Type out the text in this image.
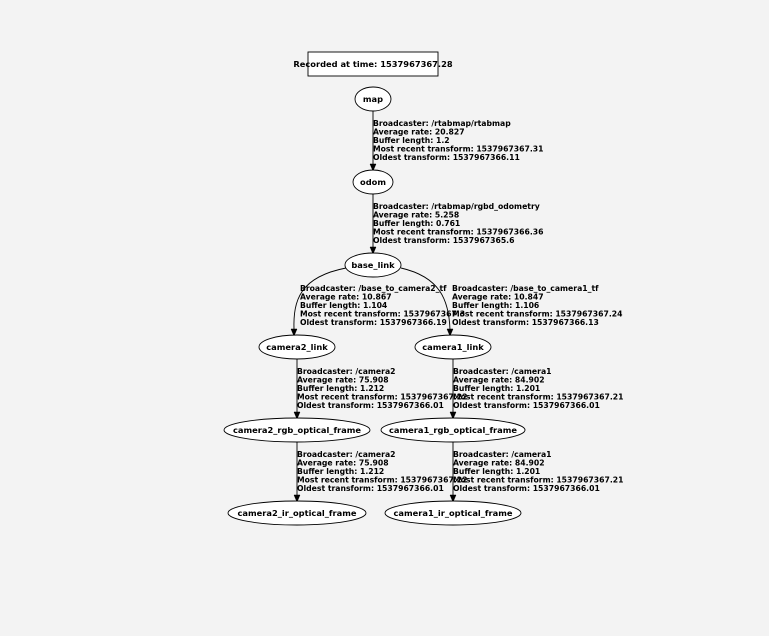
Recorded at time: 1537967367.28
map
odom
base_link
camera2_link	camera1_link
camera2_rgb_optical_frame	camera1_rgb_optical_frame
camera2_ir_optical_frame	camera1_ir_optical_frame
Broadcaster: /rtabmap/rtabmap
Average rate: 20.827
Buffer length: 1.2
Most recent transform: 1537967367.31
Oldest transform: 1537967366.11
Broadcaster: /rtabmap/rgbd_odometry
Average rate: 5.258
Buffer length: 0.761
Most recent transform: 1537967366.36
Oldest transform: 1537967365.6
Broadcaster: /base_to_camera2_tf
Average rate: 10.867
Buffer length: 1.104
Most recent transform: 1537967367.3
Oldest transform: 1537967366.19
Broadcaster: /base_to_camera1_tf
Average rate: 10.847
Buffer length: 1.106
Most recent transform: 1537967367.24
Oldest transform: 1537967366.13
Broadcaster: /camera2
Average rate: 75.908
Buffer length: 1.212
Most recent transform: 1537967367.22
Oldest transform: 1537967366.01
Broadcaster: /camera1
Average rate: 84.902
Buffer length: 1.201
Most recent transform: 1537967367.21
Oldest transform: 1537967366.01
Broadcaster: /camera2
Average rate: 75.908
Buffer length: 1.212
Most recent transform: 1537967367.22
Oldest transform: 1537967366.01
Broadcaster: /camera1
Average rate: 84.902
Buffer length: 1.201
Most recent transform: 1537967367.21
Oldest transform: 1537967366.01
